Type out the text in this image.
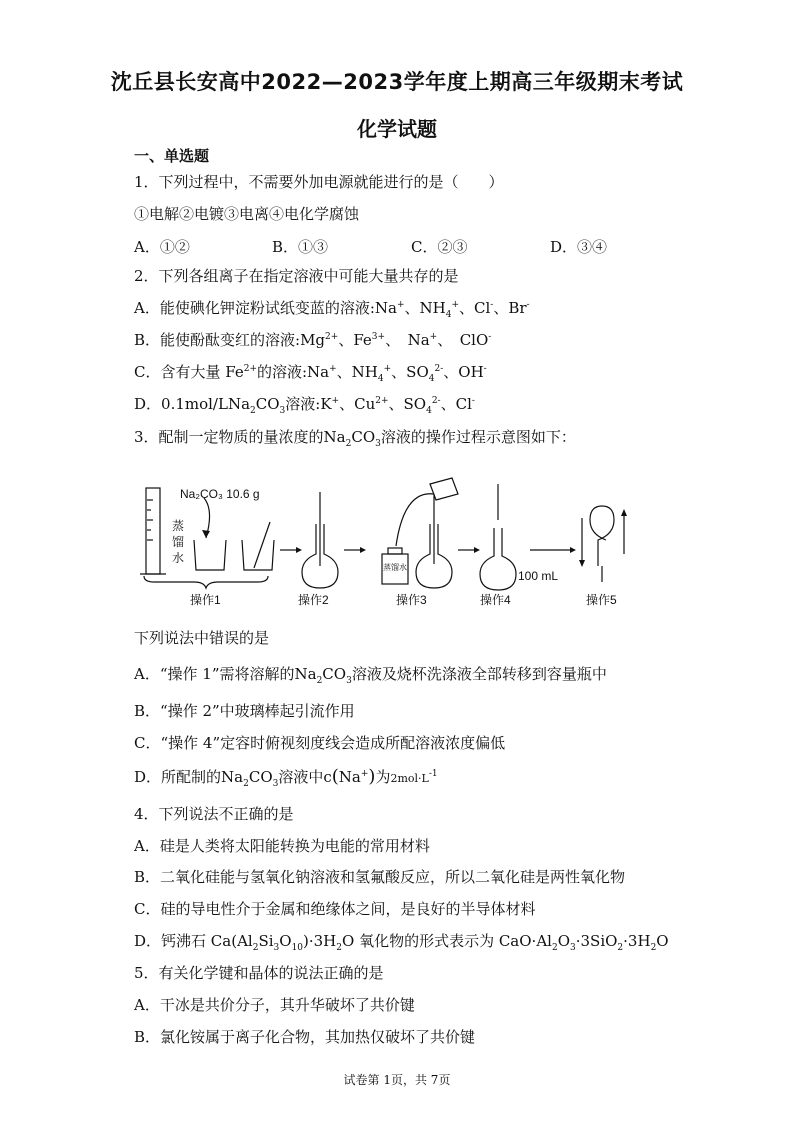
沈丘县长安高中2022—2023学年度上期高三年级期末考试
化学试题
一、单选题
1．下列过程中，不需要外加电源就能进行的是（　　）
①电解②电镀③电离④电化学腐蚀
A．①②	B．①③	C．②③	D．③④
2．下列各组离子在指定溶液中可能大量共存的是
A．能使碘化钾淀粉试纸变蓝的溶液:Na+、$NH_4^+$、Cl-、Br-
B．能使酚酞变红的溶液$:Mg^{2+}$、$Fe^{3+}$、　Na+、　ClO-
C．含有大量 $Fe^{2+}$的溶液:Na+、$NH_4^+$、$SO_4^{2-}$、OH-
D．$0.1mol/LNa_2CO_3$溶液:K+、$Cu^{2+}$、$SO_4^{2-}$、Cl-
3．配制一定物质的量浓度的$Na_2CO_3$溶液的操作过程示意图如下：
Na₂CO₃ 10.6 g
蒸
馏
水
蒸馏水
100 mL
操作1	操作2	操作3	操作4	操作5
下列说法中错误的是
A．“操作 1”需将溶解的$Na_2CO_3$溶液及烧杯洗涤液全部转移到容量瓶中
B．“操作 2”中玻璃棒起引流作用
C．“操作 4”定容时俯视刻度线会造成所配溶液浓度偏低
D．所配制的$Na_2CO_3$溶液中c(Na+)为$2mol\cdot L^{-1}$
4．下列说法不正确的是
A．硅是人类将太阳能转换为电能的常用材料
B．二氧化硅能与氢氧化钠溶液和氢氟酸反应，所以二氧化硅是两性氧化物
C．硅的导电性介于金属和绝缘体之间，是良好的半导体材料
D．钙沸石 $Ca(Al_2Si_3O_{10})\cdot 3H_2O$ 氧化物的形式表示为 $CaO\cdot Al_2O_3\cdot 3SiO_2\cdot 3H_2O$
5．有关化学键和晶体的说法正确的是
A．干冰是共价分子，其升华破坏了共价键
B．氯化铵属于离子化合物，其加热仅破坏了共价键
试卷第 1页，共 7页
